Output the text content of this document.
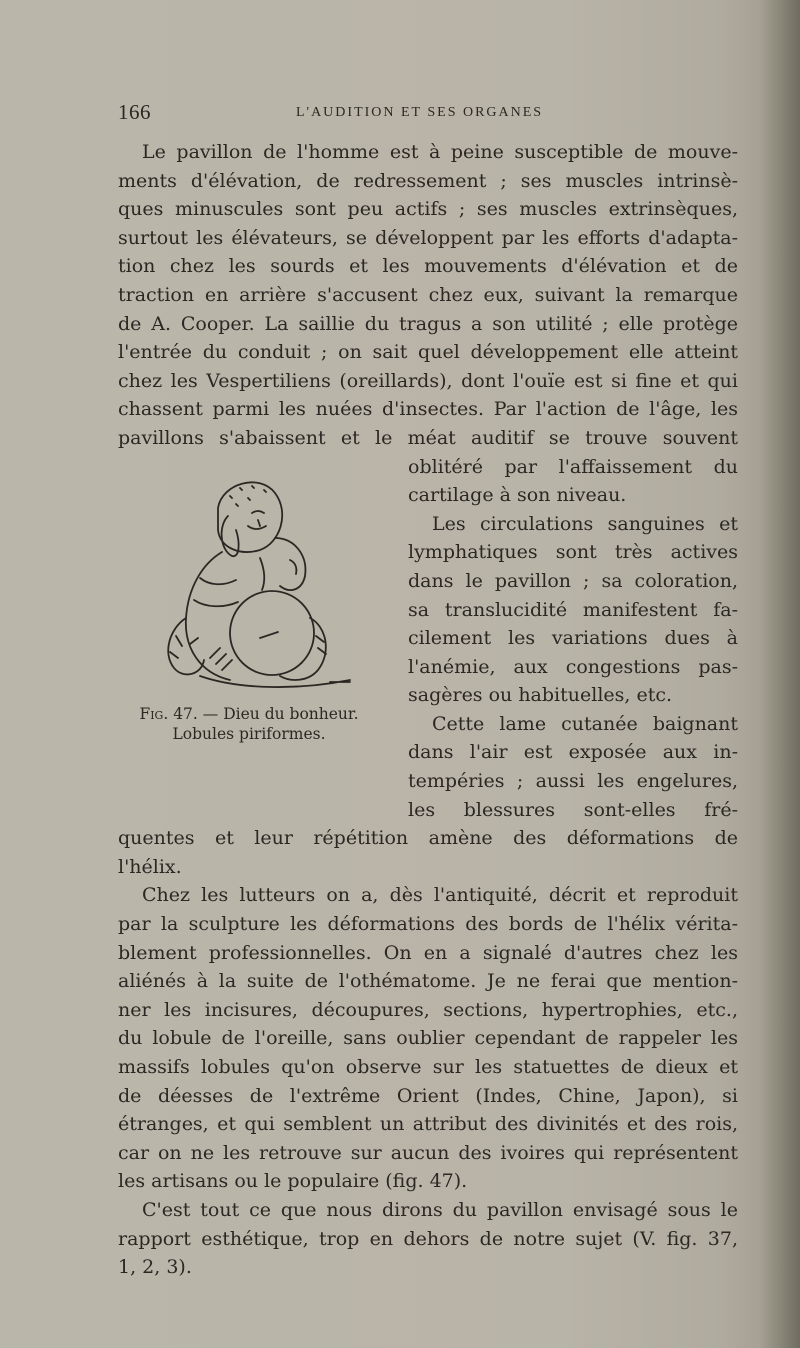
166	L'AUDITION ET SES ORGANES
Le pavillon de l'homme est à peine susceptible de mouve-
ments d'élévation, de redressement ; ses muscles intrinsè-
ques minuscules sont peu actifs ; ses muscles extrinsèques,
surtout les élévateurs, se développent par les efforts d'adapta-
tion chez les sourds et les mouvements d'élévation et de
traction en arrière s'accusent chez eux, suivant la remarque
de A. Cooper. La saillie du tragus a son utilité ; elle protège
l'entrée du conduit ; on sait quel développement elle atteint
chez les Vespertiliens (oreillards), dont l'ouïe est si fine et qui
chassent parmi les nuées d'insectes. Par l'action de l'âge, les
pavillons s'abaissent et le méat auditif se trouve souvent
oblitéré par l'affaissement du
cartilage à son niveau.
Les circulations sanguines et
lymphatiques sont très actives
dans le pavillon ; sa coloration,
sa translucidité manifestent fa-
cilement les variations dues à
l'anémie, aux congestions pas-
sagères ou habituelles, etc.
Cette lame cutanée baignant
dans l'air est exposée aux in-
tempéries ; aussi les engelures,
les blessures sont-elles fré-
quentes et leur répétition amène des déformations de
l'hélix.
Chez les lutteurs on a, dès l'antiquité, décrit et reproduit
par la sculpture les déformations des bords de l'hélix vérita-
blement professionnelles. On en a signalé d'autres chez les
aliénés à la suite de l'othématome. Je ne ferai que mention-
ner les incisures, découpures, sections, hypertrophies, etc.,
du lobule de l'oreille, sans oublier cependant de rappeler les
massifs lobules qu'on observe sur les statuettes de dieux et
de déesses de l'extrême Orient (Indes, Chine, Japon), si
étranges, et qui semblent un attribut des divinités et des rois,
car on ne les retrouve sur aucun des ivoires qui représentent
les artisans ou le populaire (fig. 47).
C'est tout ce que nous dirons du pavillon envisagé sous le
rapport esthétique, trop en dehors de notre sujet (V. fig. 37,
1, 2, 3).
Fig. 47. — Dieu du bonheur.
Lobules piriformes.
